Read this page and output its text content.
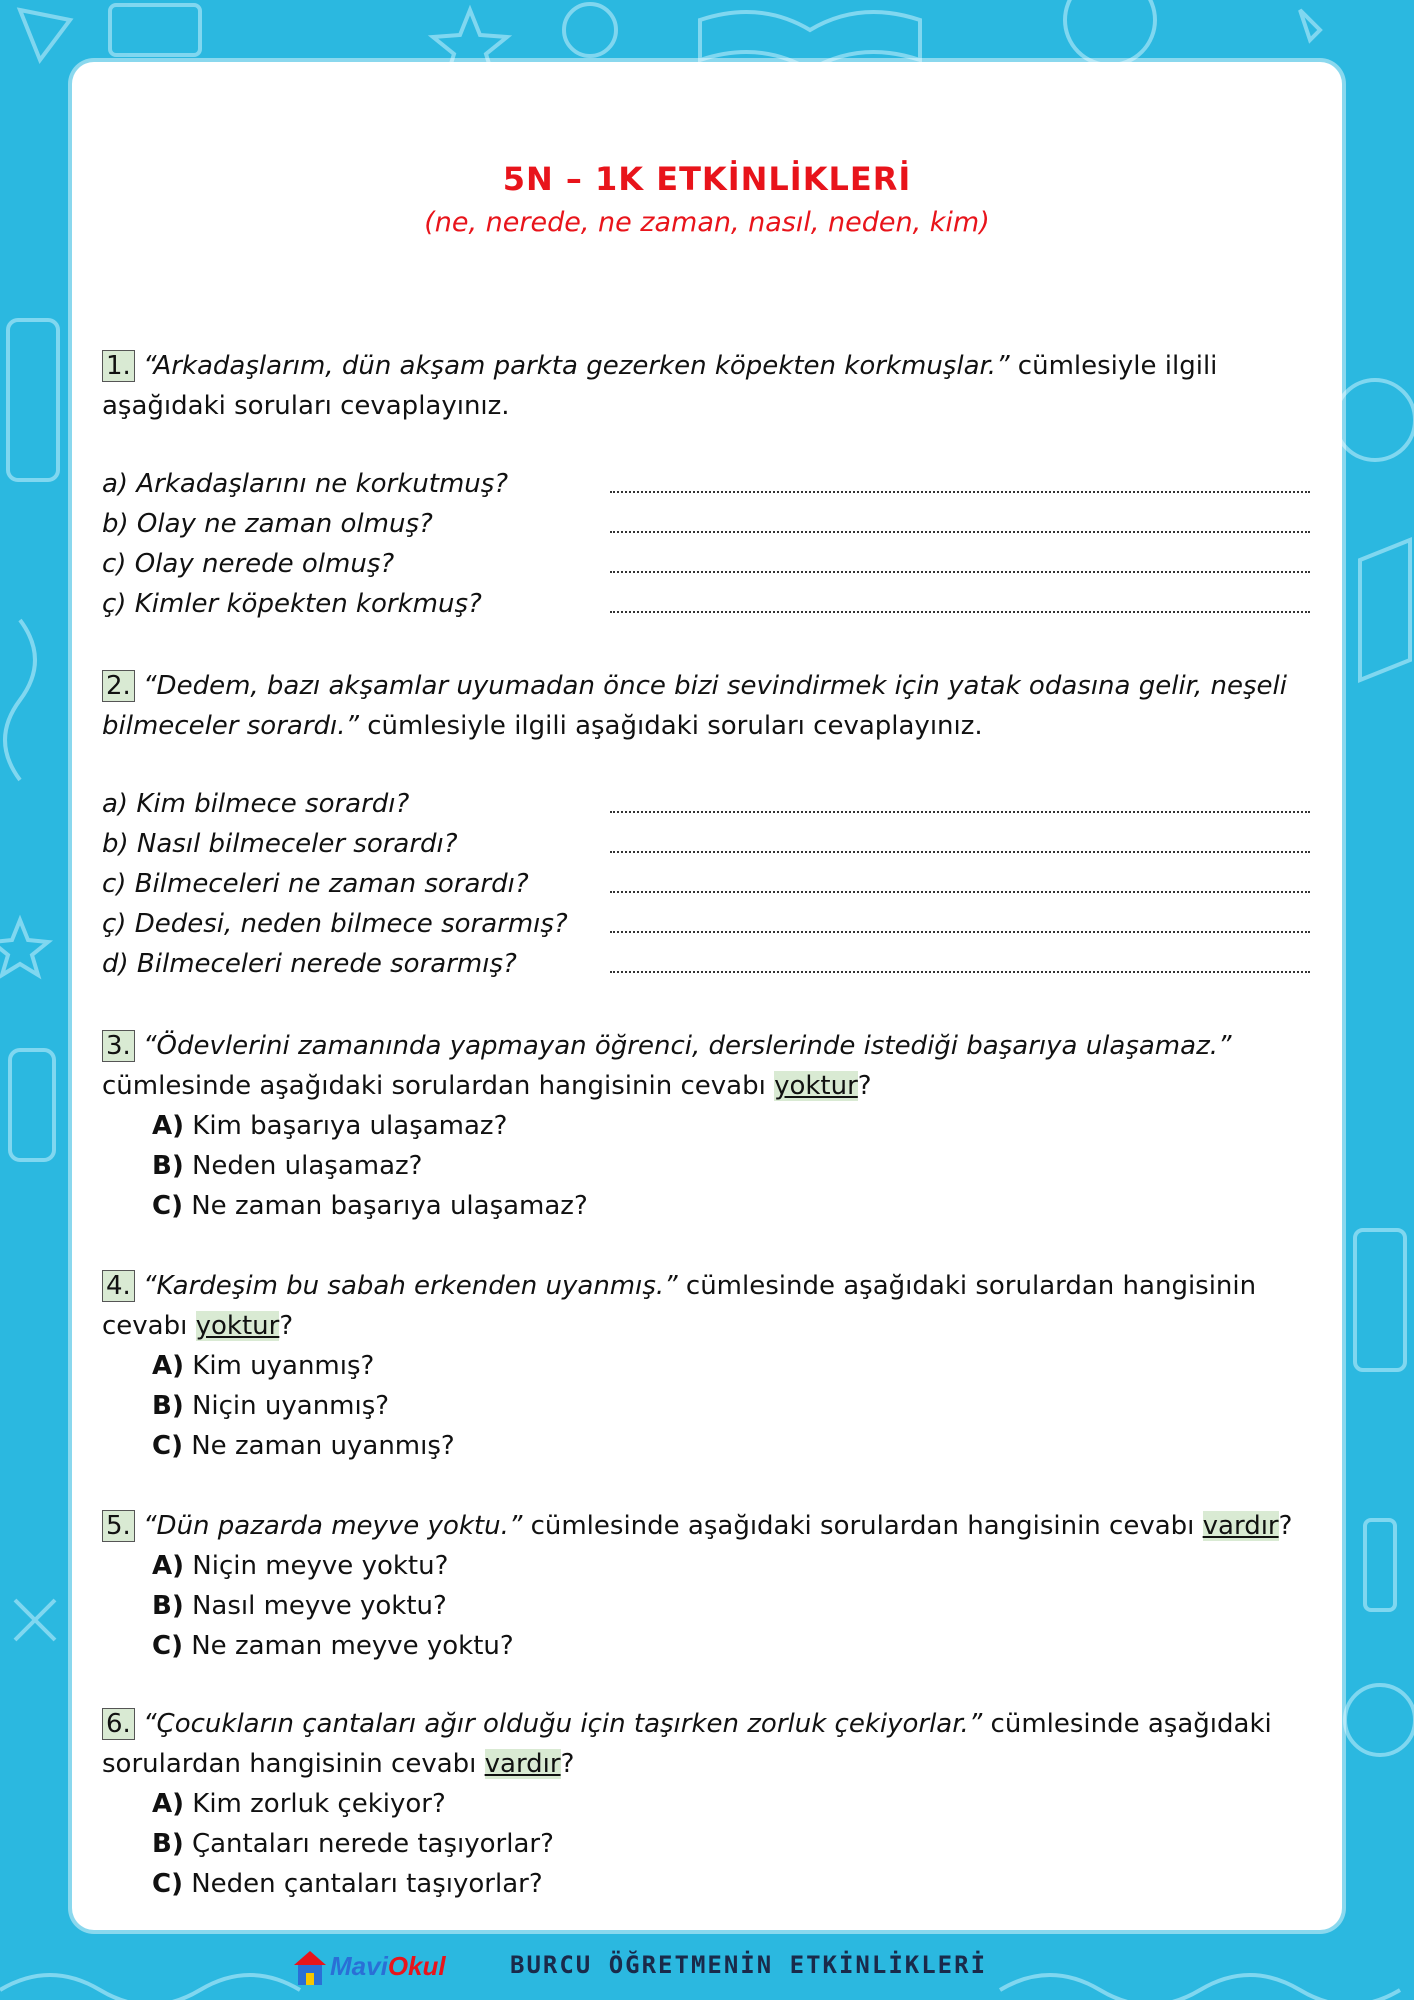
5N – 1K ETKİNLİKLERİ
(ne, nerede, ne zaman, nasıl, neden, kim)
1. “Arkadaşlarım, dün akşam parkta gezerken köpekten korkmuşlar.” cümlesiyle ilgili
aşağıdaki soruları cevaplayınız.
a) Arkadaşlarını ne korkutmuş?
b) Olay ne zaman olmuş?
c) Olay nerede olmuş?
ç) Kimler köpekten korkmuş?
2. “Dedem, bazı akşamlar uyumadan önce bizi sevindirmek için yatak odasına gelir, neşeli
bilmeceler sorardı.” cümlesiyle ilgili aşağıdaki soruları cevaplayınız.
a) Kim bilmece sorardı?
b) Nasıl bilmeceler sorardı?
c) Bilmeceleri ne zaman sorardı?
ç) Dedesi, neden bilmece sorarmış?
d) Bilmeceleri nerede sorarmış?
3. “Ödevlerini zamanında yapmayan öğrenci, derslerinde istediği başarıya ulaşamaz.”
cümlesinde aşağıdaki sorulardan hangisinin cevabı yoktur?
A) Kim başarıya ulaşamaz?
B) Neden ulaşamaz?
C) Ne zaman başarıya ulaşamaz?
4. “Kardeşim bu sabah erkenden uyanmış.” cümlesinde aşağıdaki sorulardan hangisinin
cevabı yoktur?
A) Kim uyanmış?
B) Niçin uyanmış?
C) Ne zaman uyanmış?
5. “Dün pazarda meyve yoktu.” cümlesinde aşağıdaki sorulardan hangisinin cevabı vardır?
A) Niçin meyve yoktu?
B) Nasıl meyve yoktu?
C) Ne zaman meyve yoktu?
6. “Çocukların çantaları ağır olduğu için taşırken zorluk çekiyorlar.” cümlesinde aşağıdaki
sorulardan hangisinin cevabı vardır?
A) Kim zorluk çekiyor?
B) Çantaları nerede taşıyorlar?
C) Neden çantaları taşıyorlar?
MaviOkul	BURCU ÖĞRETMENİN ETKİNLİKLERİ
